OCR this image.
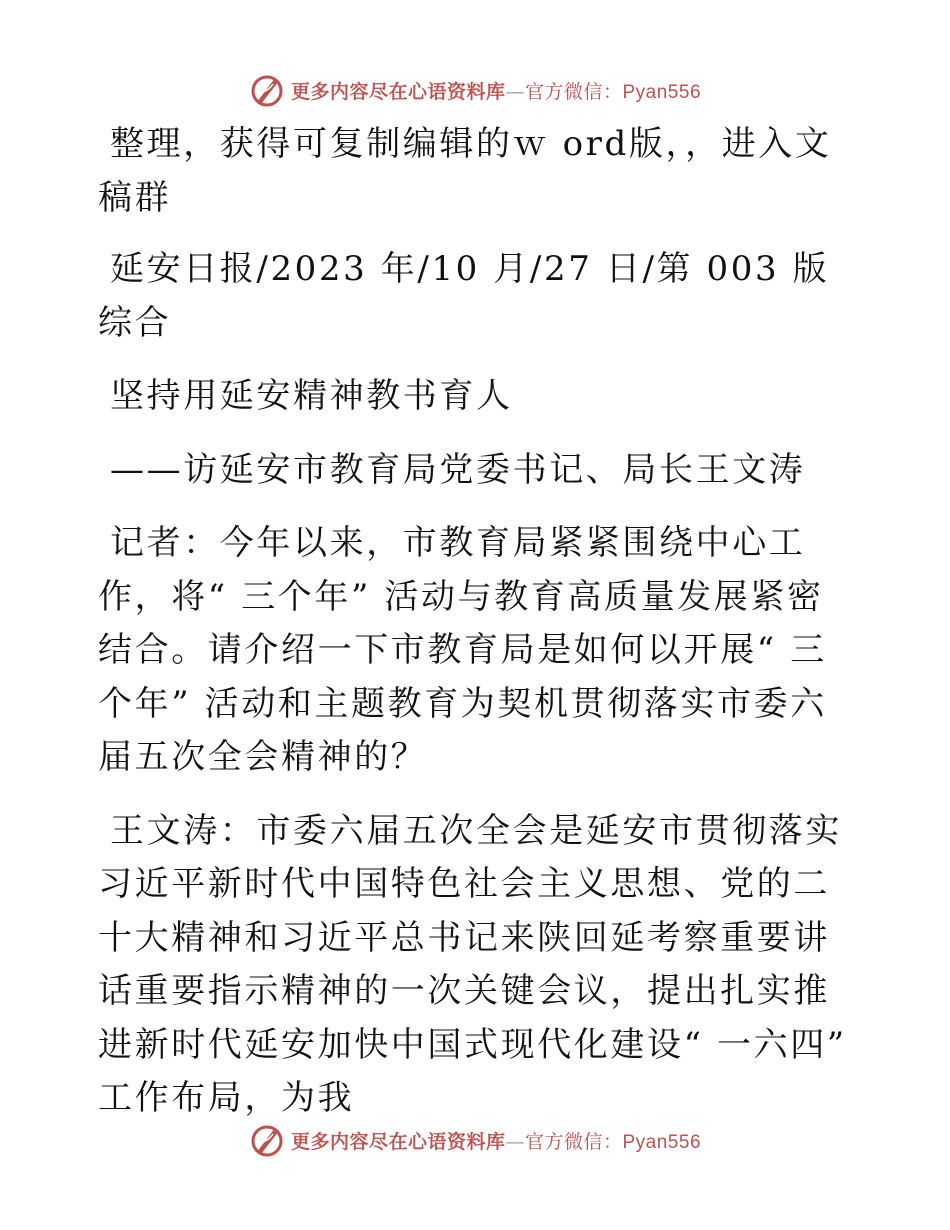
更多内容尽在心语资料库—官方微信：Pyan556

整理，获得可复制编辑的ｗ ord版，，进入文稿群

延安日报/2023 年/10 月/27 日/第 003 版综合

坚持用延安精神教书育人

——访延安市教育局党委书记、局长王文涛

记者：今年以来，市教育局紧紧围绕中心工作，将“ 三个年” 活动与教育高质量发展紧密结合。请介绍一下市教育局是如何以开展“ 三个年” 活动和主题教育为契机贯彻落实市委六届五次全会精神的？

王文涛：市委六届五次全会是延安市贯彻落实习近平新时代中国特色社会主义思想、党的二十大精神和习近平总书记来陕回延考察重要讲话重要指示精神的一次关键会议，提出扎实推进新时代延安加快中国式现代化建设“ 一六四” 工作布局，为我

更多内容尽在心语资料库—官方微信：Pyan556
